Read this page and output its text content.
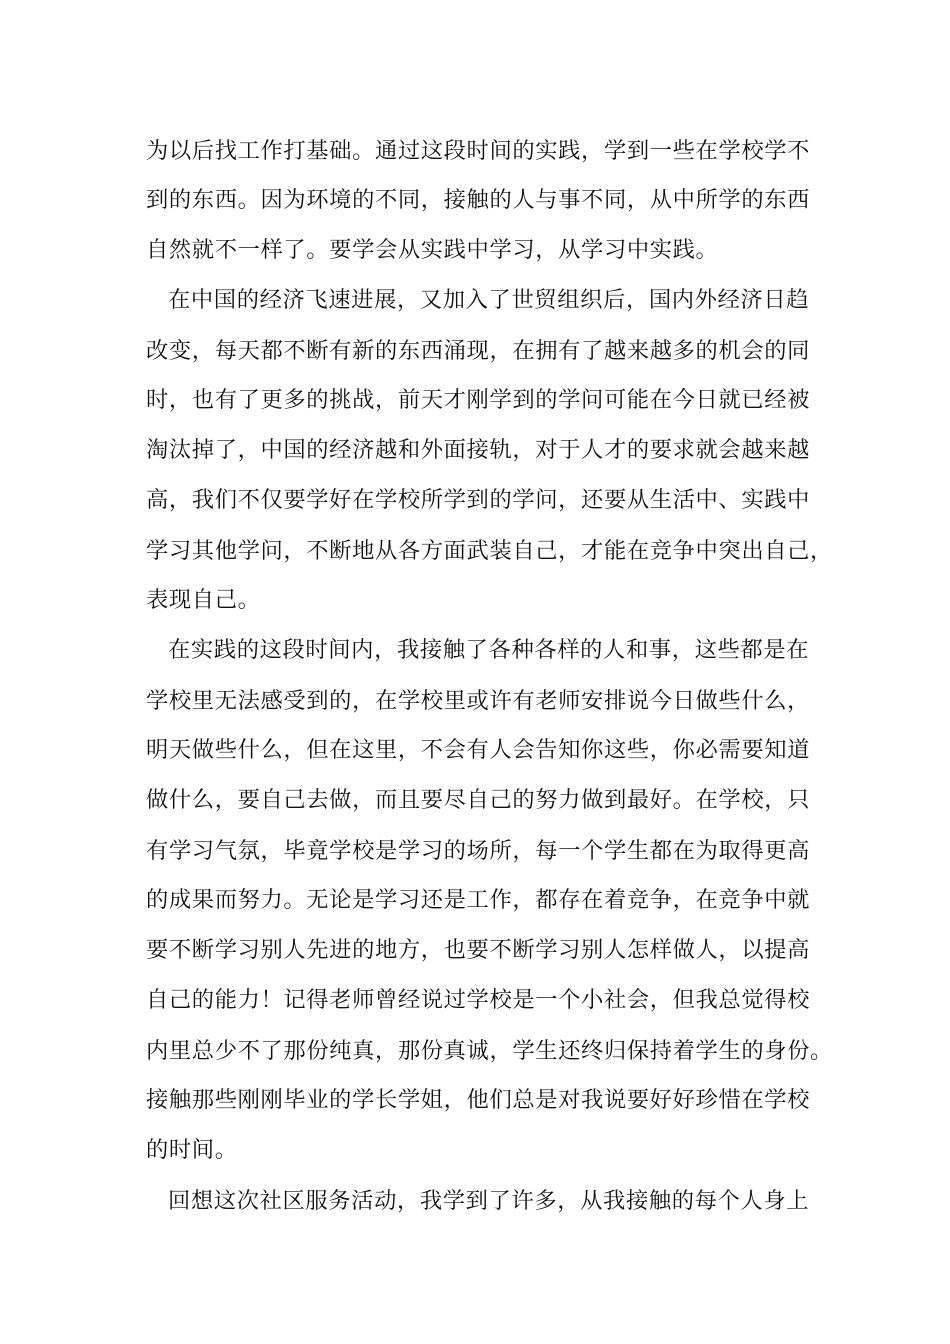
为以后找工作打基础。通过这段时间的实践，学到一些在学校学不
到的东西。因为环境的不同，接触的人与事不同，从中所学的东西
自然就不一样了。要学会从实践中学习，从学习中实践。
在中国的经济飞速进展，又加入了世贸组织后，国内外经济日趋
改变，每天都不断有新的东西涌现，在拥有了越来越多的机会的同
时，也有了更多的挑战，前天才刚学到的学问可能在今日就已经被
淘汰掉了，中国的经济越和外面接轨，对于人才的要求就会越来越
高，我们不仅要学好在学校所学到的学问，还要从生活中、实践中
学习其他学问，不断地从各方面武装自己，才能在竞争中突出自己，
表现自己。
在实践的这段时间内，我接触了各种各样的人和事，这些都是在
学校里无法感受到的，在学校里或许有老师安排说今日做些什么，
明天做些什么，但在这里，不会有人会告知你这些，你必需要知道
做什么，要自己去做，而且要尽自己的努力做到最好。在学校，只
有学习气氛，毕竟学校是学习的场所，每一个学生都在为取得更高
的成果而努力。无论是学习还是工作，都存在着竞争，在竞争中就
要不断学习别人先进的地方，也要不断学习别人怎样做人，以提高
自己的能力！记得老师曾经说过学校是一个小社会，但我总觉得校
内里总少不了那份纯真，那份真诚，学生还终归保持着学生的身份。
接触那些刚刚毕业的学长学姐，他们总是对我说要好好珍惜在学校
的时间。
回想这次社区服务活动，我学到了许多，从我接触的每个人身上
